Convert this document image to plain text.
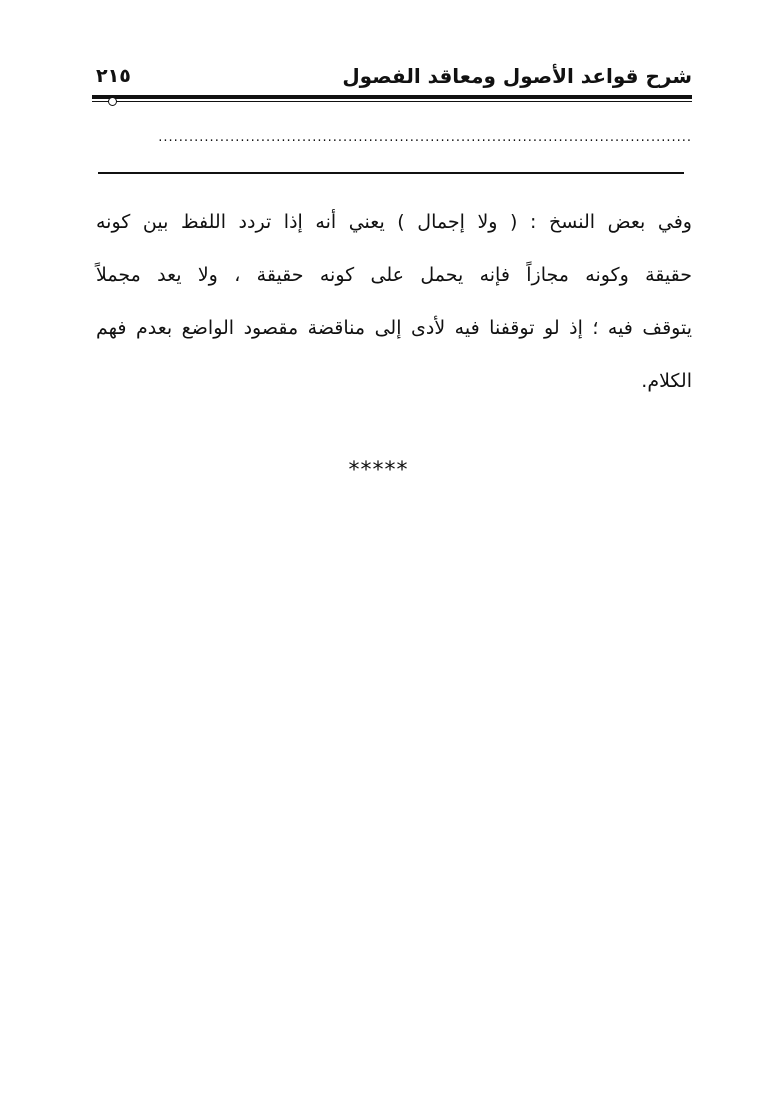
شرح قواعد الأصول ومعاقد الفصول
٢١٥
........................................................................................................
وفي بعض النسخ : ( ولا إجمال ) يعني أنه إذا تردد اللفظ بين كونه
حقيقة وكونه مجازاً فإنه يحمل على كونه حقيقة ، ولا يعد مجملاً
يتوقف فيه ؛ إذ لو توقفنا فيه لأدى إلى مناقضة مقصود الواضع بعدم فهم
الكلام.
*****
